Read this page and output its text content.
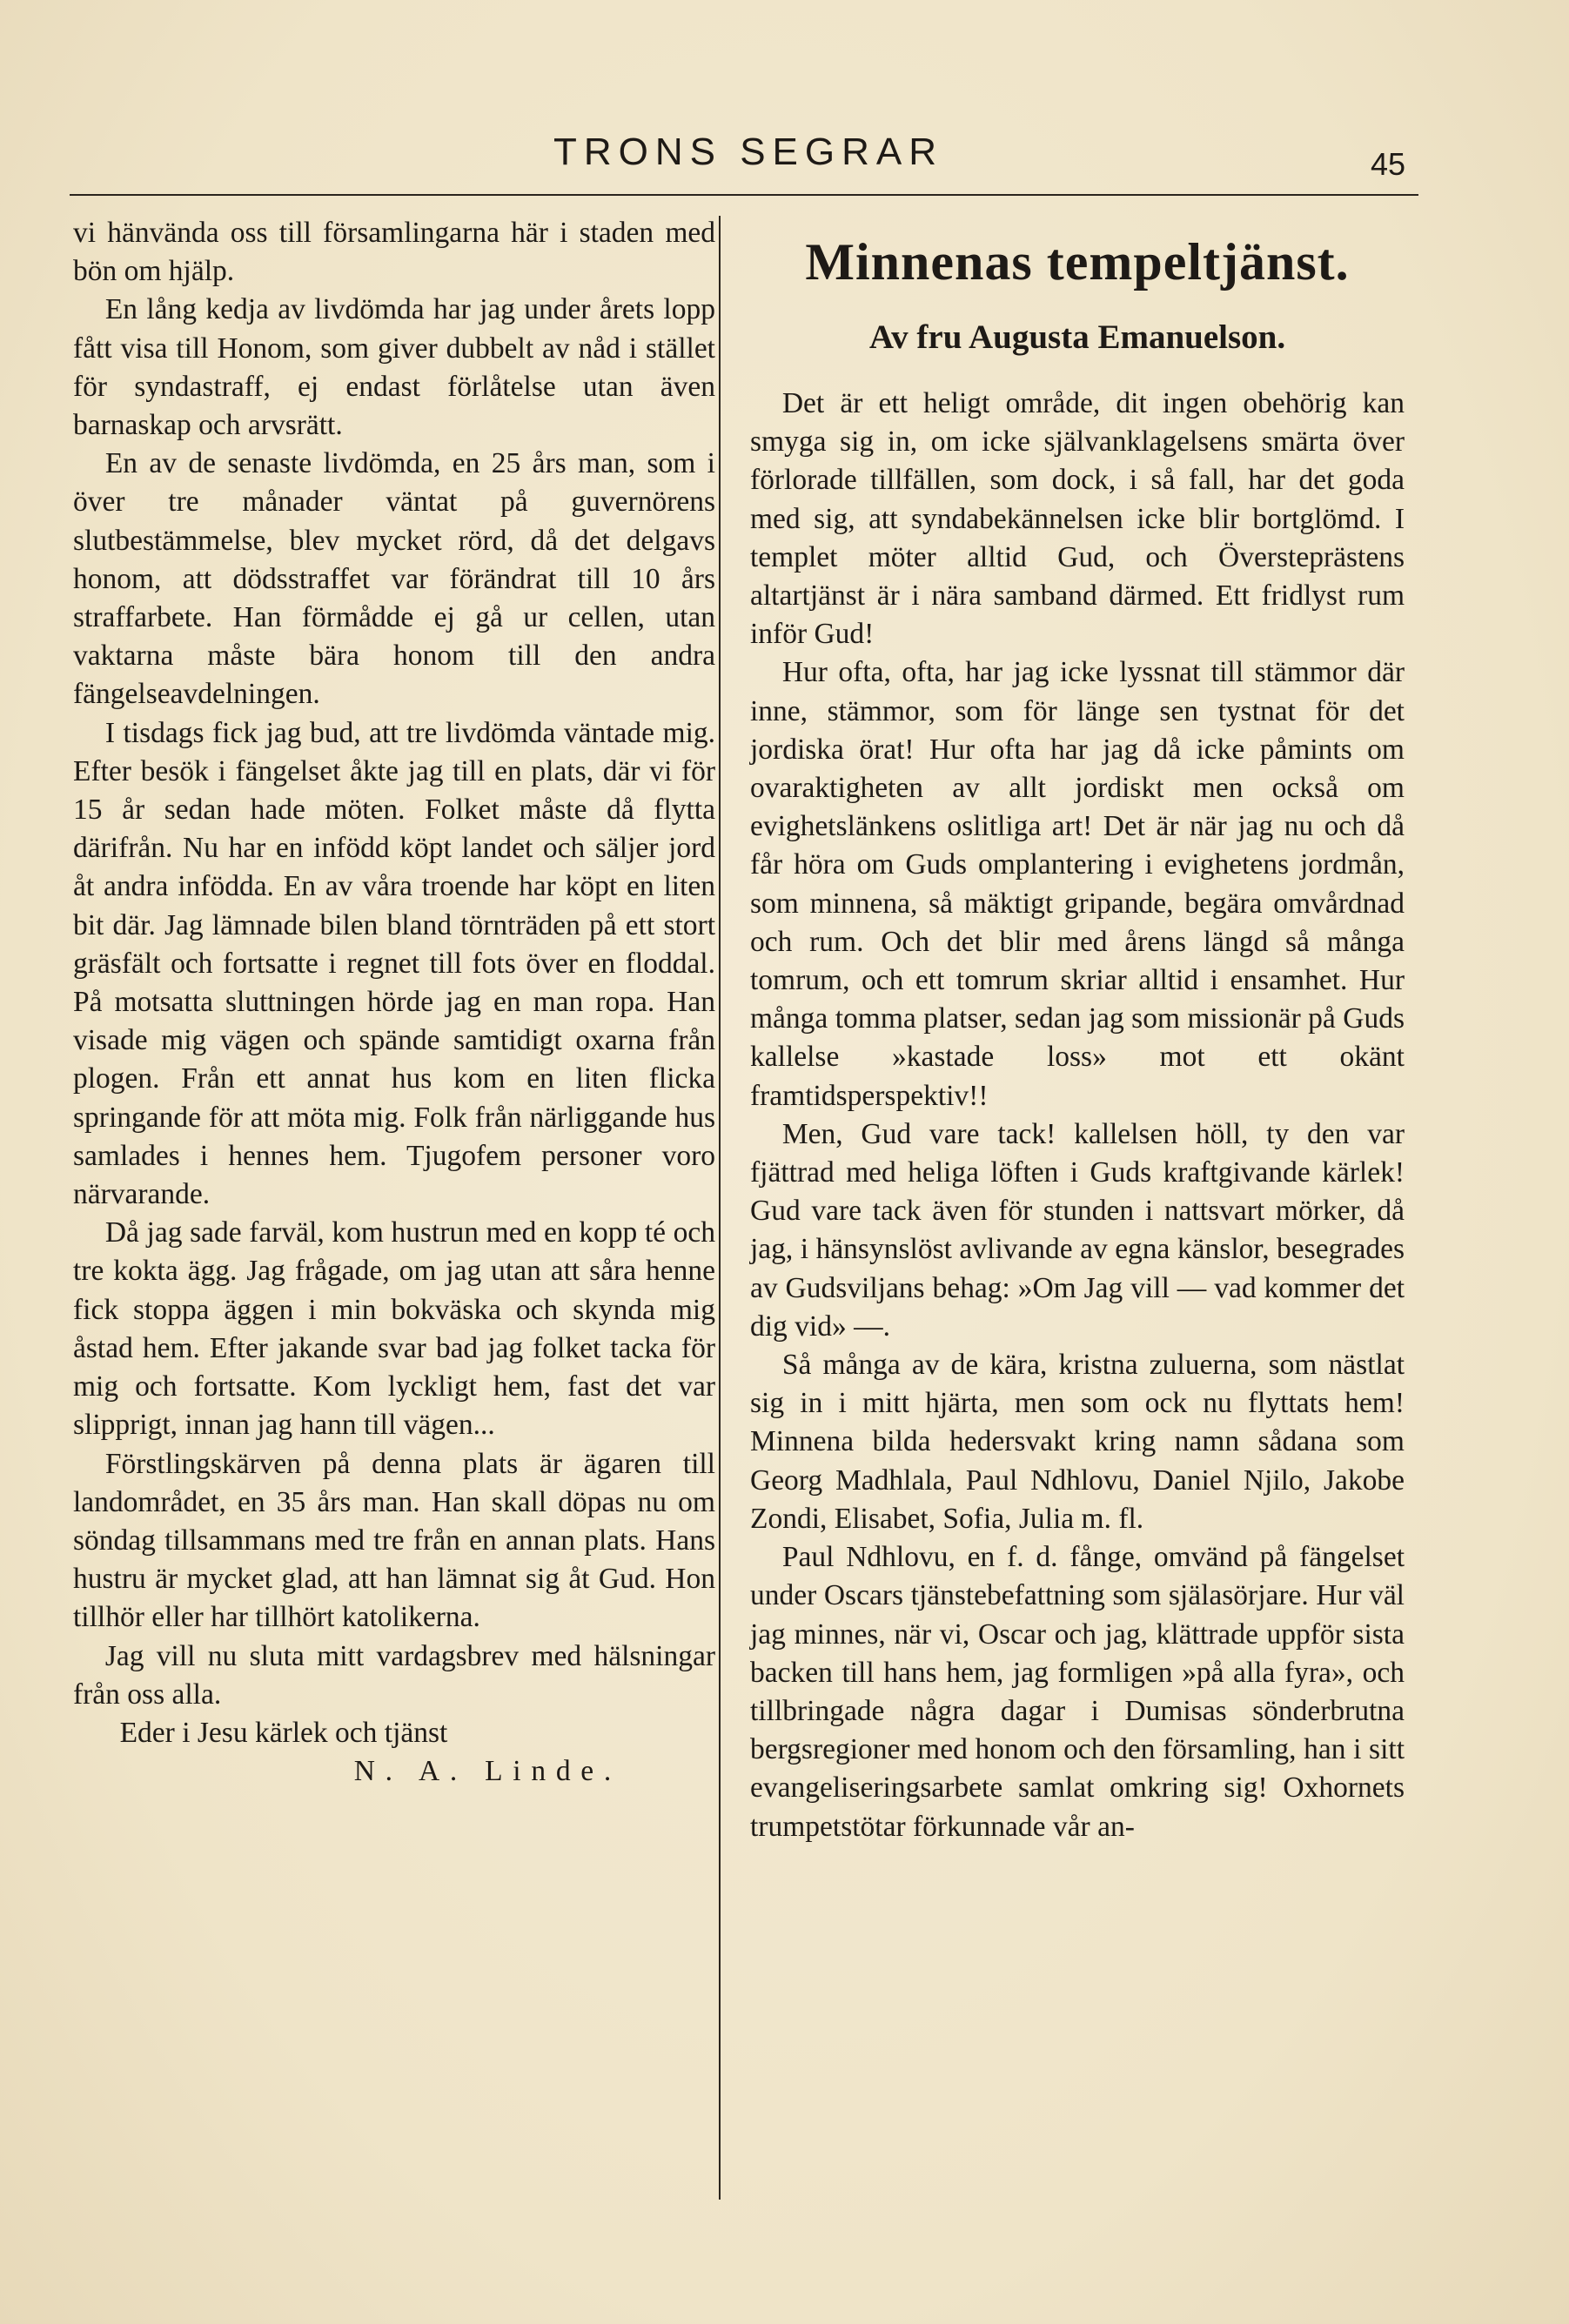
TRONS SEGRAR	45

vi hänvända oss till församlingarna här i staden med bön om hjälp.

En lång kedja av livdömda har jag under årets lopp fått visa till Honom, som giver dubbelt av nåd i stället för syndastraff, ej endast förlåtelse utan även barnaskap och arvsrätt.

En av de senaste livdömda, en 25 års man, som i över tre månader väntat på guvernörens slutbestämmelse, blev mycket rörd, då det delgavs honom, att dödsstraffet var förändrat till 10 års straffarbete. Han förmådde ej gå ur cellen, utan vaktarna måste bära honom till den andra fängelseavdelningen.

I tisdags fick jag bud, att tre livdömda väntade mig. Efter besök i fängelset åkte jag till en plats, där vi för 15 år sedan hade möten. Folket måste då flytta därifrån. Nu har en infödd köpt landet och säljer jord åt andra infödda. En av våra troende har köpt en liten bit där. Jag lämnade bilen bland törnträden på ett stort gräsfält och fortsatte i regnet till fots över en floddal. På motsatta sluttningen hörde jag en man ropa. Han visade mig vägen och spände samtidigt oxarna från plogen. Från ett annat hus kom en liten flicka springande för att möta mig. Folk från närliggande hus samlades i hennes hem. Tjugofem personer voro närvarande.

Då jag sade farväl, kom hustrun med en kopp té och tre kokta ägg. Jag frågade, om jag utan att såra henne fick stoppa äggen i min bokväska och skynda mig åstad hem. Efter jakande svar bad jag folket tacka för mig och fortsatte. Kom lyckligt hem, fast det var slipprigt, innan jag hann till vägen...

Förstlingskärven på denna plats är ägaren till landområdet, en 35 års man. Han skall döpas nu om söndag tillsammans med tre från en annan plats. Hans hustru är mycket glad, att han lämnat sig åt Gud. Hon tillhör eller har tillhört katolikerna.

Jag vill nu sluta mitt vardagsbrev med hälsningar från oss alla.

Eder i Jesu kärlek och tjänst

N. A. Linde.

Minnenas tempeltjänst.
Av fru Augusta Emanuelson.

Det är ett heligt område, dit ingen obehörig kan smyga sig in, om icke självanklagelsens smärta över förlorade tillfällen, som dock, i så fall, har det goda med sig, att syndabekännelsen icke blir bortglömd. I templet möter alltid Gud, och Översteprästens altartjänst är i nära samband därmed. Ett fridlyst rum inför Gud!

Hur ofta, ofta, har jag icke lyssnat till stämmor där inne, stämmor, som för länge sen tystnat för det jordiska örat! Hur ofta har jag då icke påmints om ovaraktigheten av allt jordiskt men också om evighetslänkens oslitliga art! Det är när jag nu och då får höra om Guds omplantering i evighetens jordmån, som minnena, så mäktigt gripande, begära omvårdnad och rum. Och det blir med årens längd så många tomrum, och ett tomrum skriar alltid i ensamhet. Hur många tomma platser, sedan jag som missionär på Guds kallelse »kastade loss» mot ett okänt framtidsperspektiv!!

Men, Gud vare tack! kallelsen höll, ty den var fjättrad med heliga löften i Guds kraftgivande kärlek! Gud vare tack även för stunden i nattsvart mörker, då jag, i hänsynslöst avlivande av egna känslor, besegrades av Gudsviljans behag: »Om Jag vill — vad kommer det dig vid» —.

Så många av de kära, kristna zuluerna, som nästlat sig in i mitt hjärta, men som ock nu flyttats hem! Minnena bilda hedersvakt kring namn sådana som Georg Madhlala, Paul Ndhlovu, Daniel Njilo, Jakobe Zondi, Elisabet, Sofia, Julia m. fl.

Paul Ndhlovu, en f. d. fånge, omvänd på fängelset under Oscars tjänstebefattning som själasörjare. Hur väl jag minnes, när vi, Oscar och jag, klättrade uppför sista backen till hans hem, jag formligen »på alla fyra», och tillbringade några dagar i Dumisas sönderbrutna bergsregioner med honom och den församling, han i sitt evangeliseringsarbete samlat omkring sig! Oxhornets trumpetstötar förkunnade vår an-
